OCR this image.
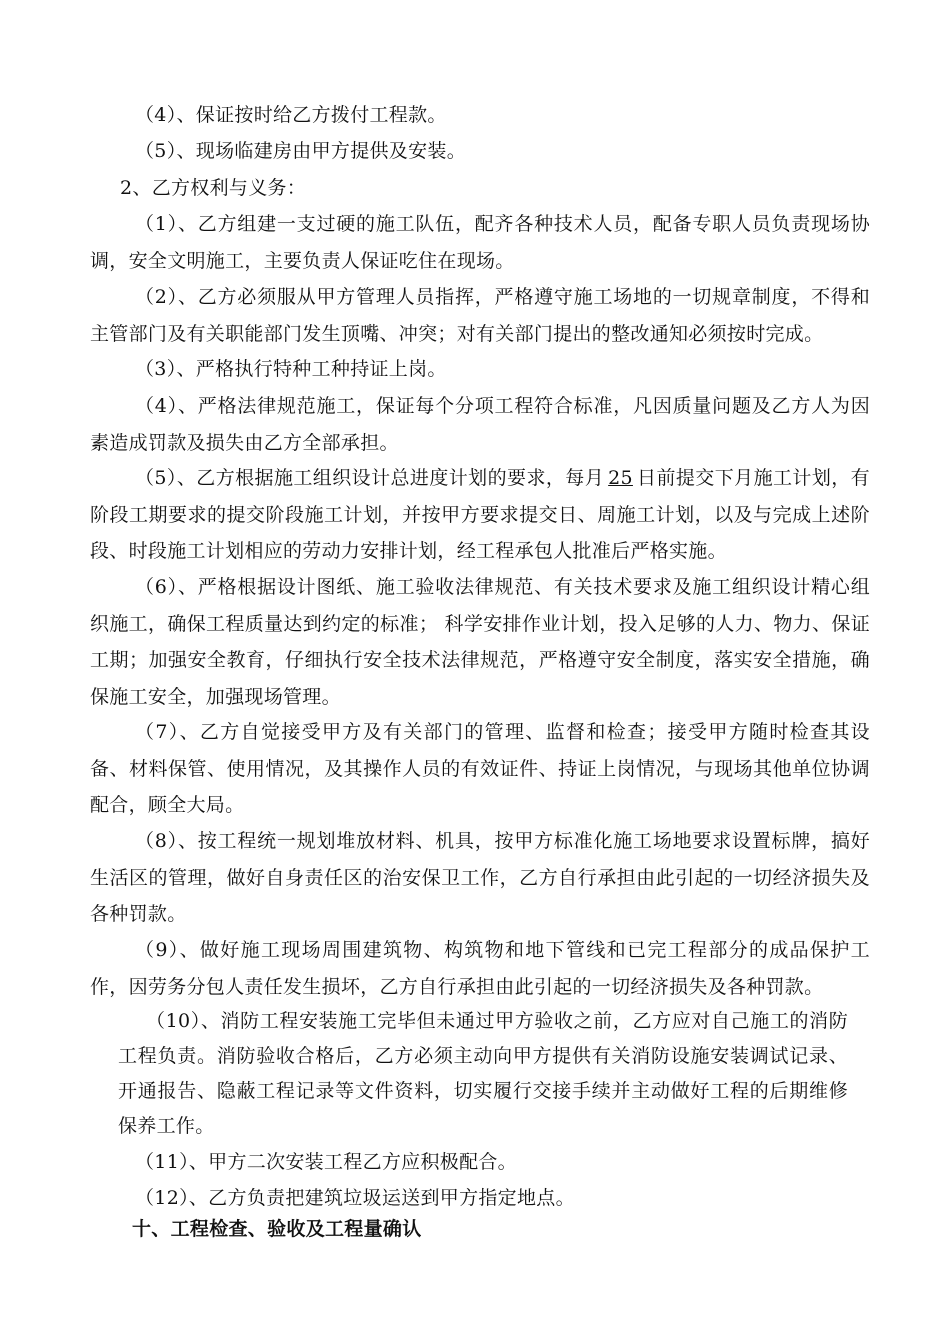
（4）、保证按时给乙方拨付工程款。

（5）、现场临建房由甲方提供及安装。

2、乙方权利与义务：

（1）、乙方组建一支过硬的施工队伍，配齐各种技术人员，配备专职人员负责现场协调，安全文明施工，主要负责人保证吃住在现场。

（2）、乙方必须服从甲方管理人员指挥，严格遵守施工场地的一切规章制度，不得和主管部门及有关职能部门发生顶嘴、冲突；对有关部门提出的整改通知必须按时完成。

（3）、严格执行特种工种持证上岗。

（4）、严格法律规范施工，保证每个分项工程符合标准，凡因质量问题及乙方人为因素造成罚款及损失由乙方全部承担。

（5）、乙方根据施工组织设计总进度计划的要求，每月 25 日前提交下月施工计划，有阶段工期要求的提交阶段施工计划，并按甲方要求提交日、周施工计划，以及与完成上述阶段、时段施工计划相应的劳动力安排计划，经工程承包人批准后严格实施。

（6）、严格根据设计图纸、施工验收法律规范、有关技术要求及施工组织设计精心组织施工，确保工程质量达到约定的标准； 科学安排作业计划，投入足够的人力、物力、保证工期；加强安全教育，仔细执行安全技术法律规范，严格遵守安全制度，落实安全措施，确保施工安全，加强现场管理。

（7）、乙方自觉接受甲方及有关部门的管理、监督和检查；接受甲方随时检查其设备、材料保管、使用情况，及其操作人员的有效证件、持证上岗情况，与现场其他单位协调配合，顾全大局。

（8）、按工程统一规划堆放材料、机具，按甲方标准化施工场地要求设置标牌，搞好生活区的管理，做好自身责任区的治安保卫工作，乙方自行承担由此引起的一切经济损失及各种罚款。

（9）、做好施工现场周围建筑物、构筑物和地下管线和已完工程部分的成品保护工作，因劳务分包人责任发生损坏，乙方自行承担由此引起的一切经济损失及各种罚款。

（10）、消防工程安装施工完毕但未通过甲方验收之前，乙方应对自己施工的消防工程负责。消防验收合格后，乙方必须主动向甲方提供有关消防设施安装调试记录、开通报告、隐蔽工程记录等文件资料，切实履行交接手续并主动做好工程的后期维修保养工作。

（11）、甲方二次安装工程乙方应积极配合。

（12）、乙方负责把建筑垃圾运送到甲方指定地点。

十、工程检查、验收及工程量确认
